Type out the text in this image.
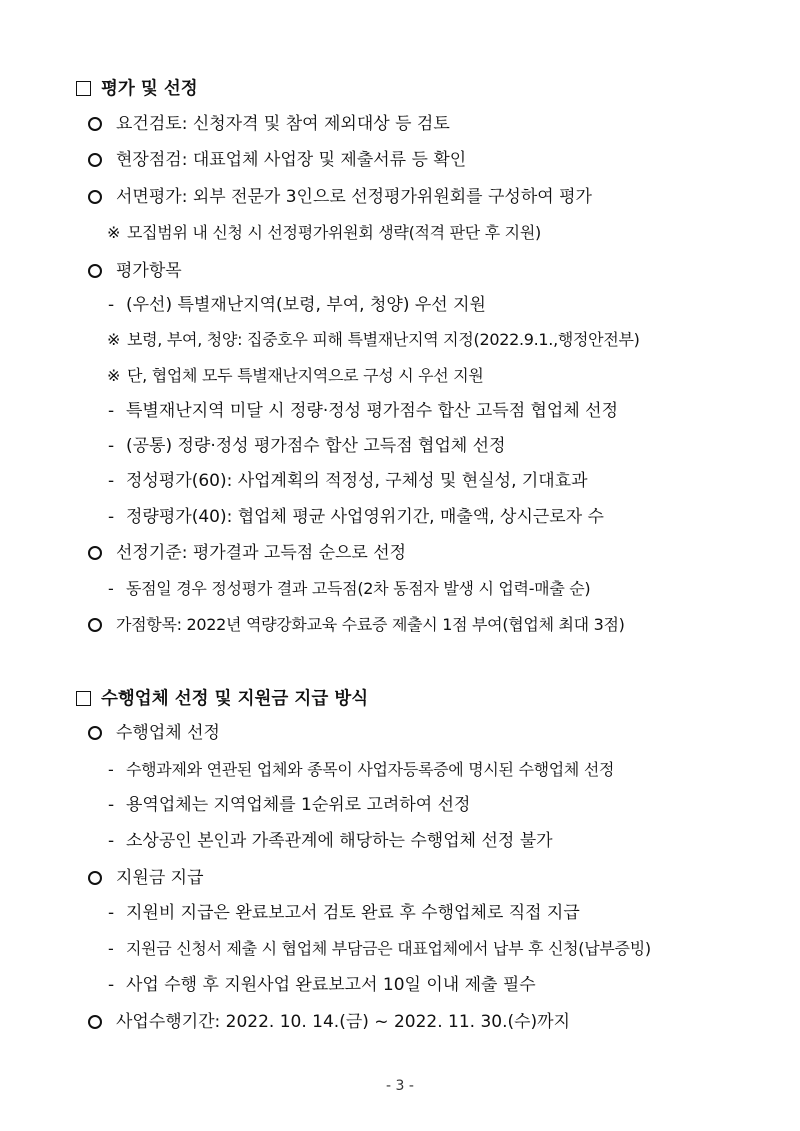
평가 및 선정
요건검토: 신청자격 및 참여 제외대상 등 검토
현장점검: 대표업체 사업장 및 제출서류 등 확인
서면평가: 외부 전문가 3인으로 선정평가위원회를 구성하여 평가
※ 모집범위 내 신청 시 선정평가위원회 생략(적격 판단 후 지원)
평가항목
- (우선) 특별재난지역(보령, 부여, 청양) 우선 지원
※ 보령, 부여, 청양: 집중호우 피해 특별재난지역 지정(2022.9.1.,행정안전부)
※ 단, 협업체 모두 특별재난지역으로 구성 시 우선 지원
- 특별재난지역 미달 시 정량·정성 평가점수 합산 고득점 협업체 선정
- (공통) 정량·정성 평가점수 합산 고득점 협업체 선정
- 정성평가(60): 사업계획의 적정성, 구체성 및 현실성, 기대효과
- 정량평가(40): 협업체 평균 사업영위기간, 매출액, 상시근로자 수
선정기준: 평가결과 고득점 순으로 선정
- 동점일 경우 정성평가 결과 고득점(2차 동점자 발생 시 업력-매출 순)
가점항목: 2022년 역량강화교육 수료증 제출시 1점 부여(협업체 최대 3점)
수행업체 선정 및 지원금 지급 방식
수행업체 선정
- 수행과제와 연관된 업체와 종목이 사업자등록증에 명시된 수행업체 선정
- 용역업체는 지역업체를 1순위로 고려하여 선정
- 소상공인 본인과 가족관계에 해당하는 수행업체 선정 불가
지원금 지급
- 지원비 지급은 완료보고서 검토 완료 후 수행업체로 직접 지급
- 지원금 신청서 제출 시 협업체 부담금은 대표업체에서 납부 후 신청(납부증빙)
- 사업 수행 후 지원사업 완료보고서 10일 이내 제출 필수
사업수행기간: 2022. 10. 14.(금) ~ 2022. 11. 30.(수)까지
- 3 -
